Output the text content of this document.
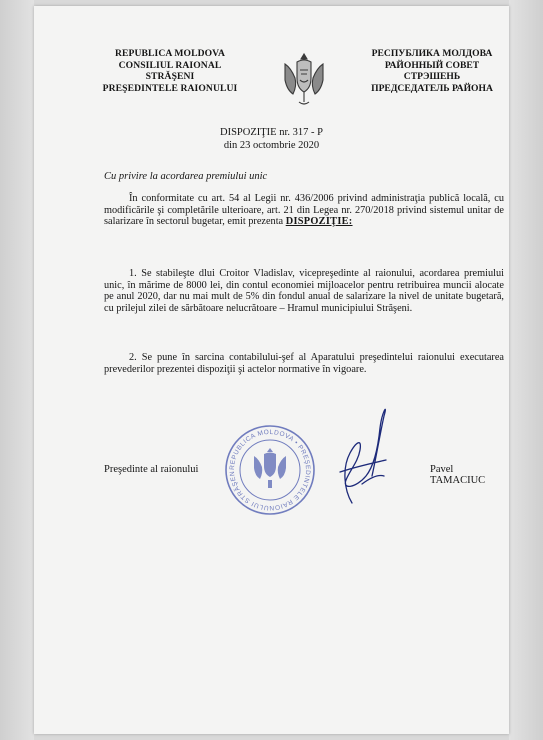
REPUBLICA MOLDOVA
CONSILIUL RAIONAL
STRĂŞENI
PREŞEDINTELE RAIONULUI
РЕСПУБЛИКА МОЛДОВА
РАЙОННЫЙ СОВЕТ
СТРЭШЕНЬ
ПРЕДСЕДАТЕЛЬ РАЙОНА
DISPOZIŢIE nr. 317 - P
din 23 octombrie 2020
Cu privire la acordarea premiului unic
În conformitate cu art. 54 al Legii nr. 436/2006 privind administraţia publică locală, cu modificările şi completările ulterioare, art. 21 din Legea nr. 270/2018 privind sistemul unitar de salarizare în sectorul bugetar, emit prezenta DISPOZIŢIE:
1. Se stabileşte dlui Croitor Vladislav, vicepreşedinte al raionului, acordarea premiului unic, în mărime de 8000 lei, din contul economiei mijloacelor pentru retribuirea muncii alocate pe anul 2020, dar nu mai mult de 5% din fondul anual de salarizare la nivel de unitate bugetară, cu prilejul zilei de sărbătoare nelucrătoare – Hramul municipiului Străşeni.
2. Se pune în sarcina contabilului-şef al Aparatului preşedintelui raionului executarea prevederilor prezentei dispoziţii şi actelor normative în vigoare.
Preşedinte al raionului	REPUBLICA MOLDOVA • PREŞEDINTELE RAIONULUI STRĂŞEN	Pavel TAMACIUC
